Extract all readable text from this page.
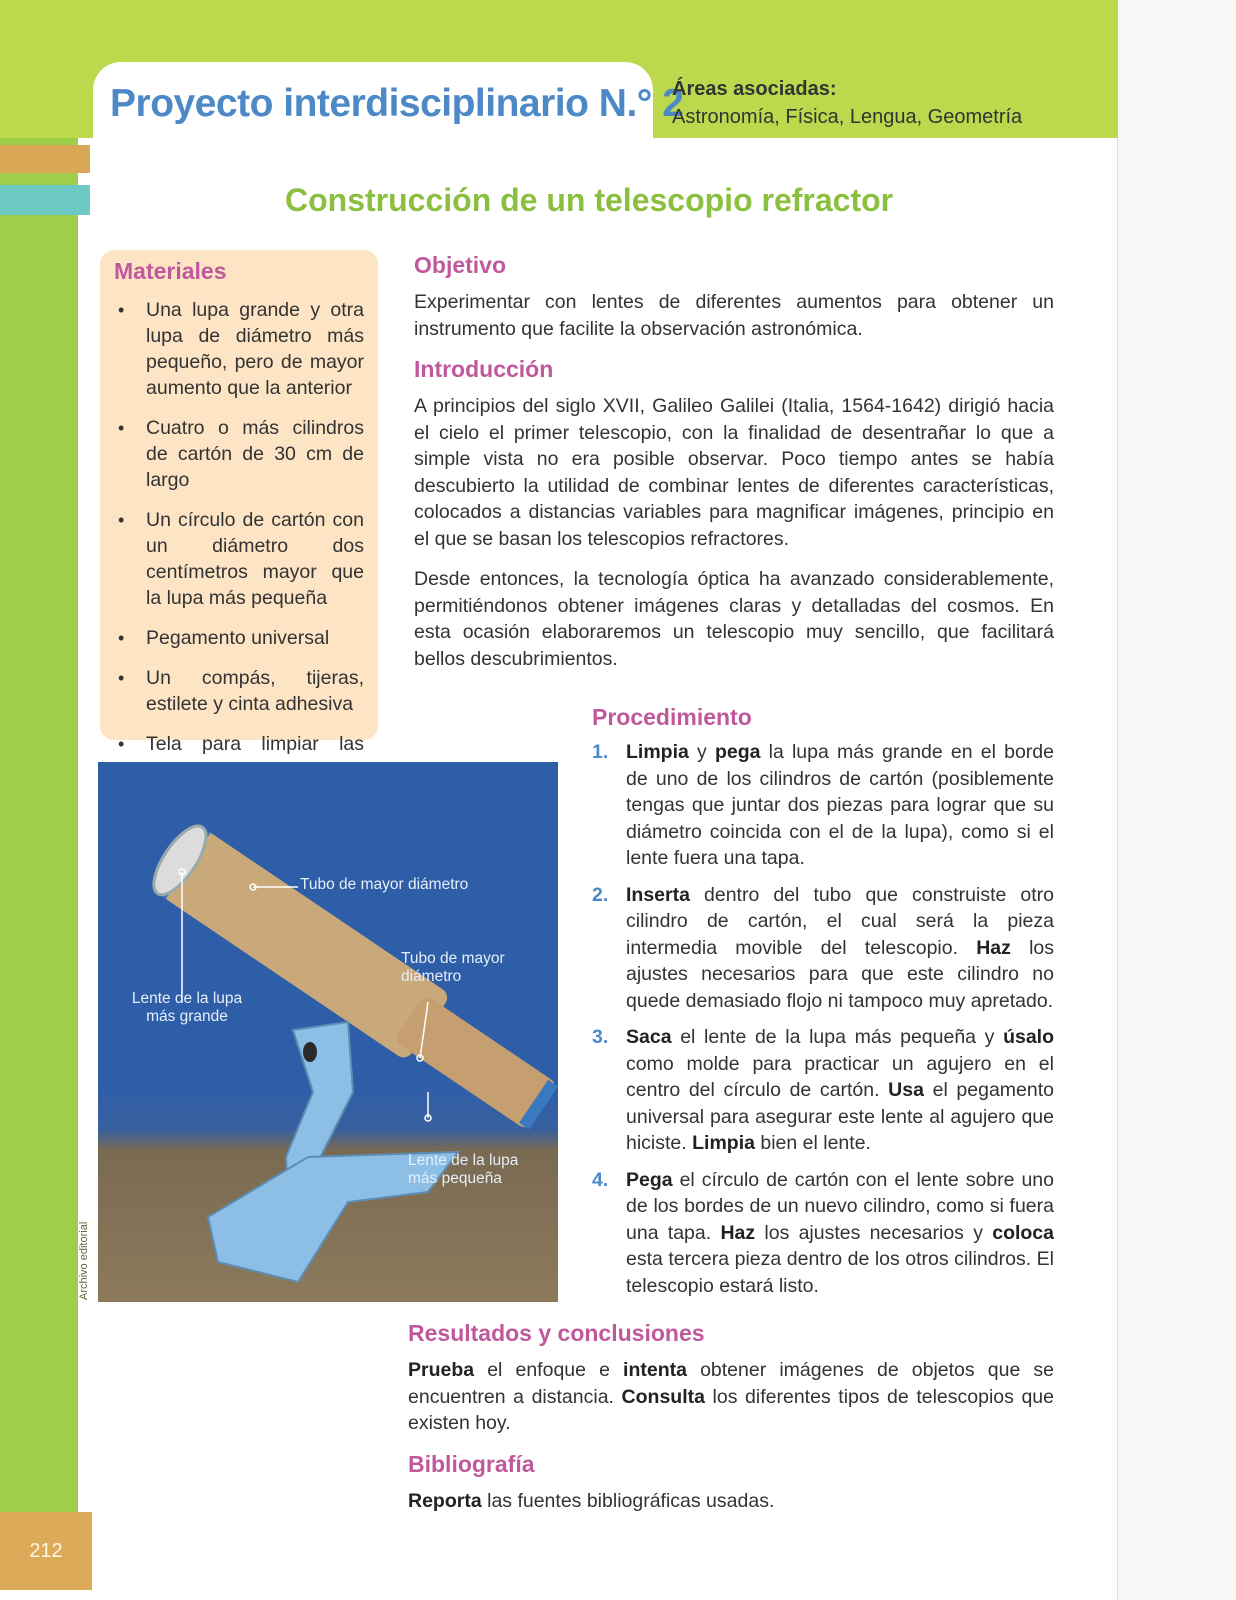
Proyecto interdisciplinario N.° 2

Áreas asociadas:

Astronomía, Física, Lengua, Geometría

Construcción de un telescopio refractor
Materiales
• Una lupa grande y otra lupa de diámetro más pequeño, pero de mayor aumento que la anterior
• Cuatro o más cilindros de cartón de 30 cm de largo
• Un círculo de cartón con un diámetro dos centímetros mayor que la lupa más pequeña
• Pegamento universal
• Un compás, tijeras, estilete y cinta adhesiva
• Tela para limpiar las
Objetivo

Experimentar con lentes de diferentes aumentos para obtener un instrumento que facilite la observación astronómica.

Introducción

A principios del siglo XVII, Galileo Galilei (Italia, 1564-1642) dirigió hacia el cielo el primer telescopio, con la finalidad de desentrañar lo que a simple vista no era posible observar. Poco tiempo antes se había descubierto la utilidad de combinar lentes de diferentes características, colocados a distancias variables para magnificar imágenes, principio en el que se basan los telescopios refractores.

Desde entonces, la tecnología óptica ha avanzado considerablemente, permitiéndonos obtener imágenes claras y detalladas del cosmos. En esta ocasión elaboraremos un telescopio muy sencillo, que facilitará bellos descubrimientos.

Tubo de mayor diámetro
Tubo de mayor diámetro
Lente de la lupa más grande
Lente de la lupa más pequeña
Archivo editorial
Procedimiento
1. Limpia y pega la lupa más grande en el borde de uno de los cilindros de cartón (posiblemente tengas que juntar dos piezas para lograr que su diámetro coincida con el de la lupa), como si el lente fuera una tapa.
2. Inserta dentro del tubo que construiste otro cilindro de cartón, el cual será la pieza intermedia movible del telescopio. Haz los ajustes necesarios para que este cilindro no quede demasiado flojo ni tampoco muy apretado.
3. Saca el lente de la lupa más pequeña y úsalo como molde para practicar un agujero en el centro del círculo de cartón. Usa el pegamento universal para asegurar este lente al agujero que hiciste. Limpia bien el lente.
4. Pega el círculo de cartón con el lente sobre uno de los bordes de un nuevo cilindro, como si fuera una tapa. Haz los ajustes necesarios y coloca esta tercera pieza dentro de los otros cilindros. El telescopio estará listo.
Resultados y conclusiones

Prueba el enfoque e intenta obtener imágenes de objetos que se encuentren a distancia. Consulta los diferentes tipos de telescopios que existen hoy.

Bibliografía

Reporta las fuentes bibliográficas usadas.

212
